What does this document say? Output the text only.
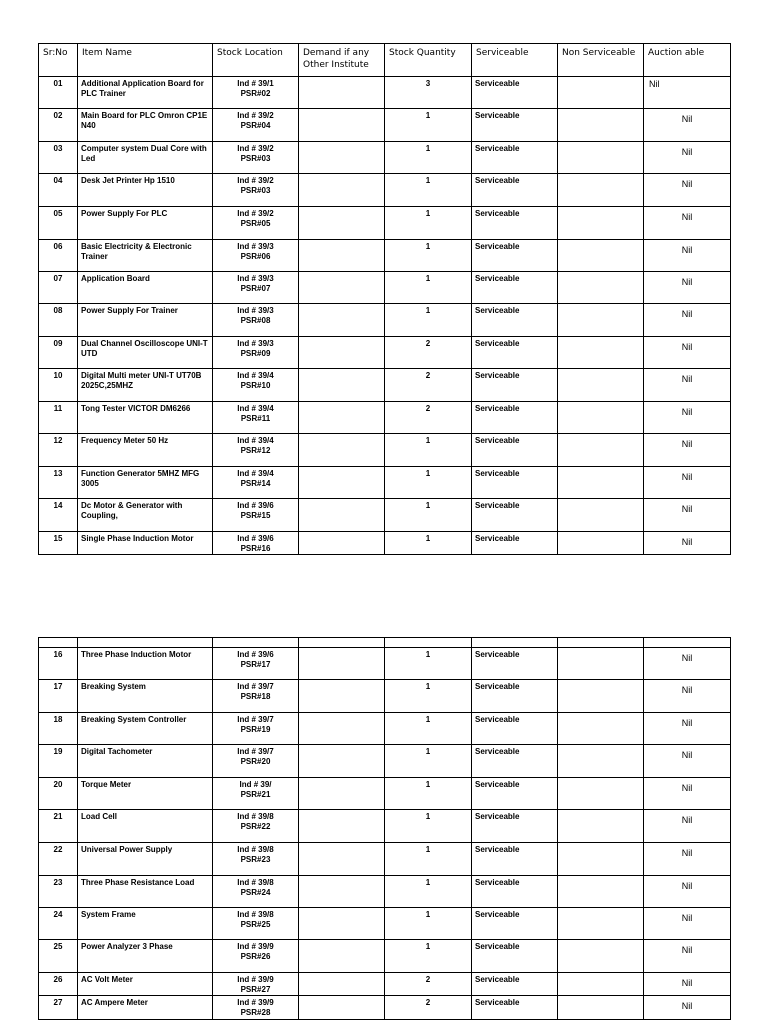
Sr:No	Item Name	Stock Location	Demand if any Other Institute	Stock Quantity	Serviceable	Non Serviceable	Auction able

01	Additional Application Board for PLC Trainer	Ind # 39/1
PSR#02		3	Serviceable		Nil

02	Main Board for PLC Omron CP1E N40	Ind # 39/2
PSR#04		1	Serviceable		Nil

03	Computer system Dual Core with Led	Ind # 39/2
PSR#03		1	Serviceable		Nil

04	Desk Jet Printer Hp 1510	Ind # 39/2
PSR#03		1	Serviceable		Nil

05	Power Supply For PLC	Ind # 39/2
PSR#05		1	Serviceable		Nil

06	Basic Electricity & Electronic Trainer	Ind # 39/3
PSR#06		1	Serviceable		Nil

07	Application Board	Ind # 39/3
PSR#07		1	Serviceable		Nil

08	Power Supply For Trainer	Ind # 39/3
PSR#08		1	Serviceable		Nil

09	Dual Channel Oscilloscope UNI-T UTD	Ind # 39/3
PSR#09		2	Serviceable		Nil

10	Digital Multi meter UNI-T UT70B 2025C,25MHZ	Ind # 39/4
PSR#10		2	Serviceable		Nil

11	Tong Tester VICTOR DM6266	Ind # 39/4
PSR#11		2	Serviceable		Nil

12	Frequency Meter 50 Hz	Ind # 39/4
PSR#12		1	Serviceable		Nil

13	Function Generator 5MHZ MFG 3005	Ind # 39/4
PSR#14		1	Serviceable		Nil

14	Dc Motor & Generator with Coupling,	Ind # 39/6
PSR#15		1	Serviceable		Nil

15	Single Phase Induction Motor	Ind # 39/6
PSR#16		1	Serviceable		Nil

16	Three Phase Induction Motor	Ind # 39/6
PSR#17		1	Serviceable		Nil

17	Breaking System	Ind # 39/7
PSR#18		1	Serviceable		Nil

18	Breaking System Controller	Ind # 39/7
PSR#19		1	Serviceable		Nil

19	Digital Tachometer	Ind # 39/7
PSR#20		1	Serviceable		Nil

20	Torque Meter	Ind # 39/
PSR#21		1	Serviceable		Nil

21	Load Cell	Ind # 39/8
PSR#22		1	Serviceable		Nil

22	Universal Power Supply	Ind # 39/8
PSR#23		1	Serviceable		Nil

23	Three Phase Resistance Load	Ind # 39/8
PSR#24		1	Serviceable		Nil

24	System Frame	Ind # 39/8
PSR#25		1	Serviceable		Nil

25	Power Analyzer 3 Phase	Ind # 39/9
PSR#26		1	Serviceable		Nil

26	AC Volt Meter	Ind # 39/9
PSR#27		2	Serviceable		Nil

27	AC Ampere Meter	Ind # 39/9
PSR#28		2	Serviceable		Nil
